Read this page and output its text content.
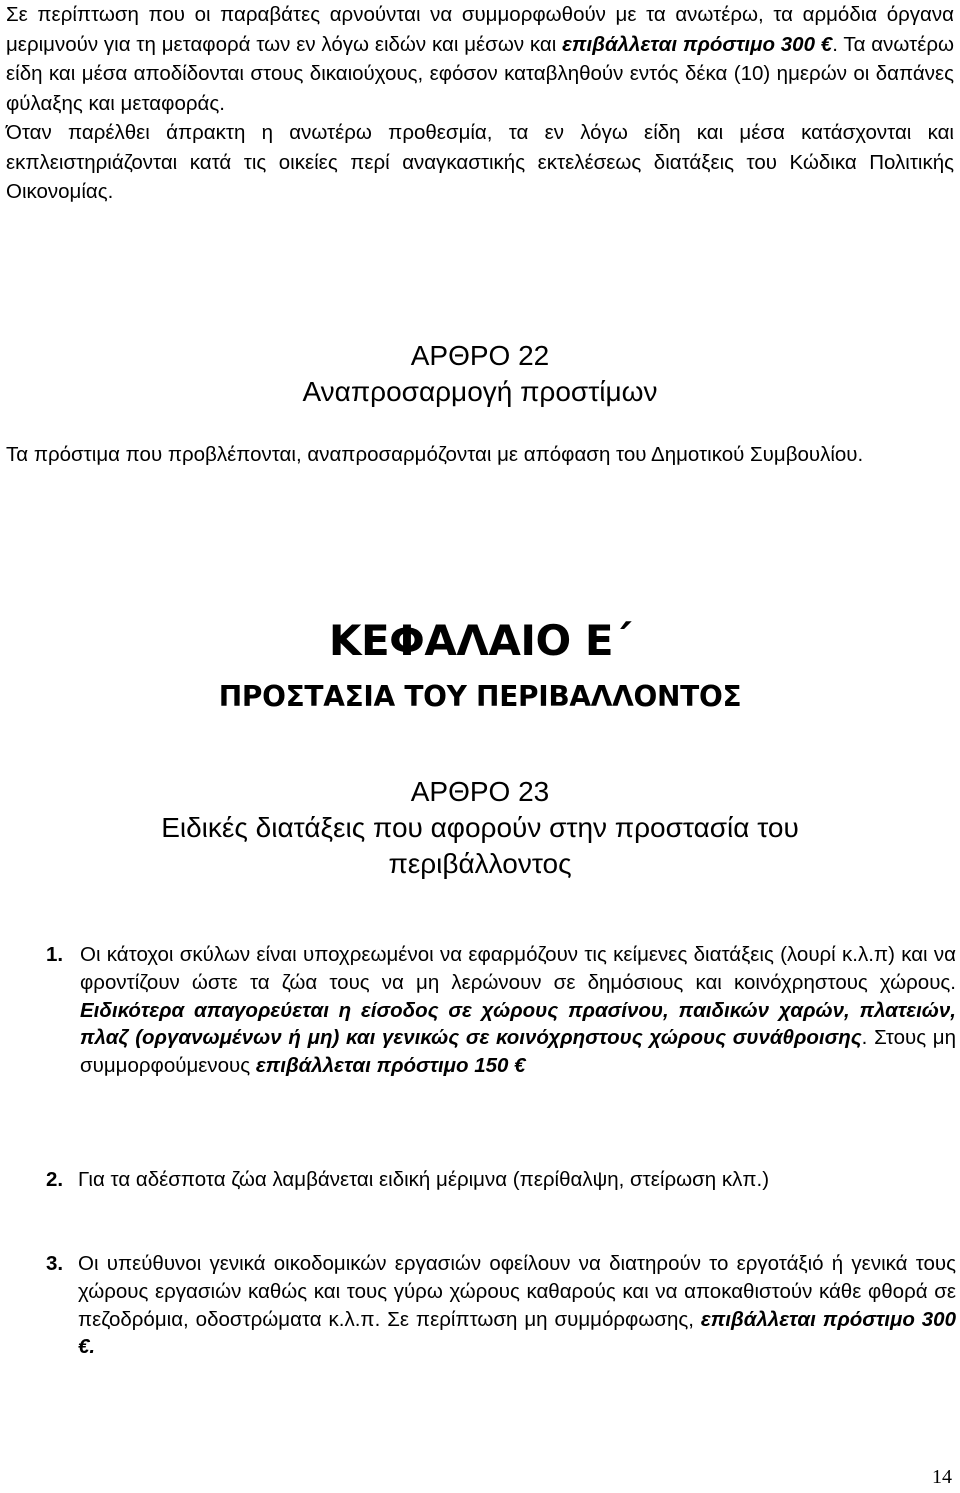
Σε περίπτωση που οι παραβάτες αρνούνται να συμμορφωθούν με τα ανωτέρω, τα αρμόδια όργανα μεριμνούν για τη μεταφορά των εν λόγω ειδών και μέσων και επιβάλλεται πρόστιμο 300 €. Τα ανωτέρω είδη και μέσα αποδίδονται στους δικαιούχους, εφόσον καταβληθούν εντός δέκα (10) ημερών οι δαπάνες φύλαξης και μεταφοράς.

Όταν παρέλθει άπρακτη η ανωτέρω προθεσμία, τα εν λόγω είδη και μέσα κατάσχονται και εκπλειστηριάζονται κατά τις οικείες περί αναγκαστικής εκτελέσεως διατάξεις του Κώδικα Πολιτικής Οικονομίας.

ΑΡΘΡΟ 22
Αναπροσαρμογή προστίμων

Τα πρόστιμα που προβλέπονται, αναπροσαρμόζονται με απόφαση του Δημοτικού Συμβουλίου.

ΚΕΦΑΛΑΙΟ Ε΄
ΠΡΟΣΤΑΣΙΑ ΤΟΥ ΠΕΡΙΒΑΛΛΟΝΤΟΣ
ΑΡΘΡΟ 23
Ειδικές διατάξεις που αφορούν στην προστασία του
περιβάλλοντος
1. Οι κάτοχοι σκύλων είναι υποχρεωμένοι να εφαρμόζουν τις κείμενες διατάξεις (λουρί κ.λ.π) και να φροντίζουν ώστε τα ζώα τους να μη λερώνουν σε δημόσιους και κοινόχρηστους χώρους. Ειδικότερα απαγορεύεται η είσοδος σε χώρους πρασίνου, παιδικών χαρών, πλατειών, πλαζ (οργανωμένων ή μη) και γενικώς σε κοινόχρηστους χώρους συνάθροισης. Στους μη συμμορφούμενους επιβάλλεται πρόστιμο 150 €

2. Για τα αδέσποτα ζώα λαμβάνεται ειδική μέριμνα (περίθαλψη, στείρωση κλπ.)

3. Οι υπεύθυνοι γενικά οικοδομικών εργασιών οφείλουν να διατηρούν το εργοτάξιό ή γενικά τους χώρους εργασιών καθώς και τους γύρω χώρους καθαρούς και να αποκαθιστούν κάθε φθορά σε πεζοδρόμια, οδοστρώματα κ.λ.π. Σε περίπτωση μη συμμόρφωσης, επιβάλλεται πρόστιμο 300 €.

14
